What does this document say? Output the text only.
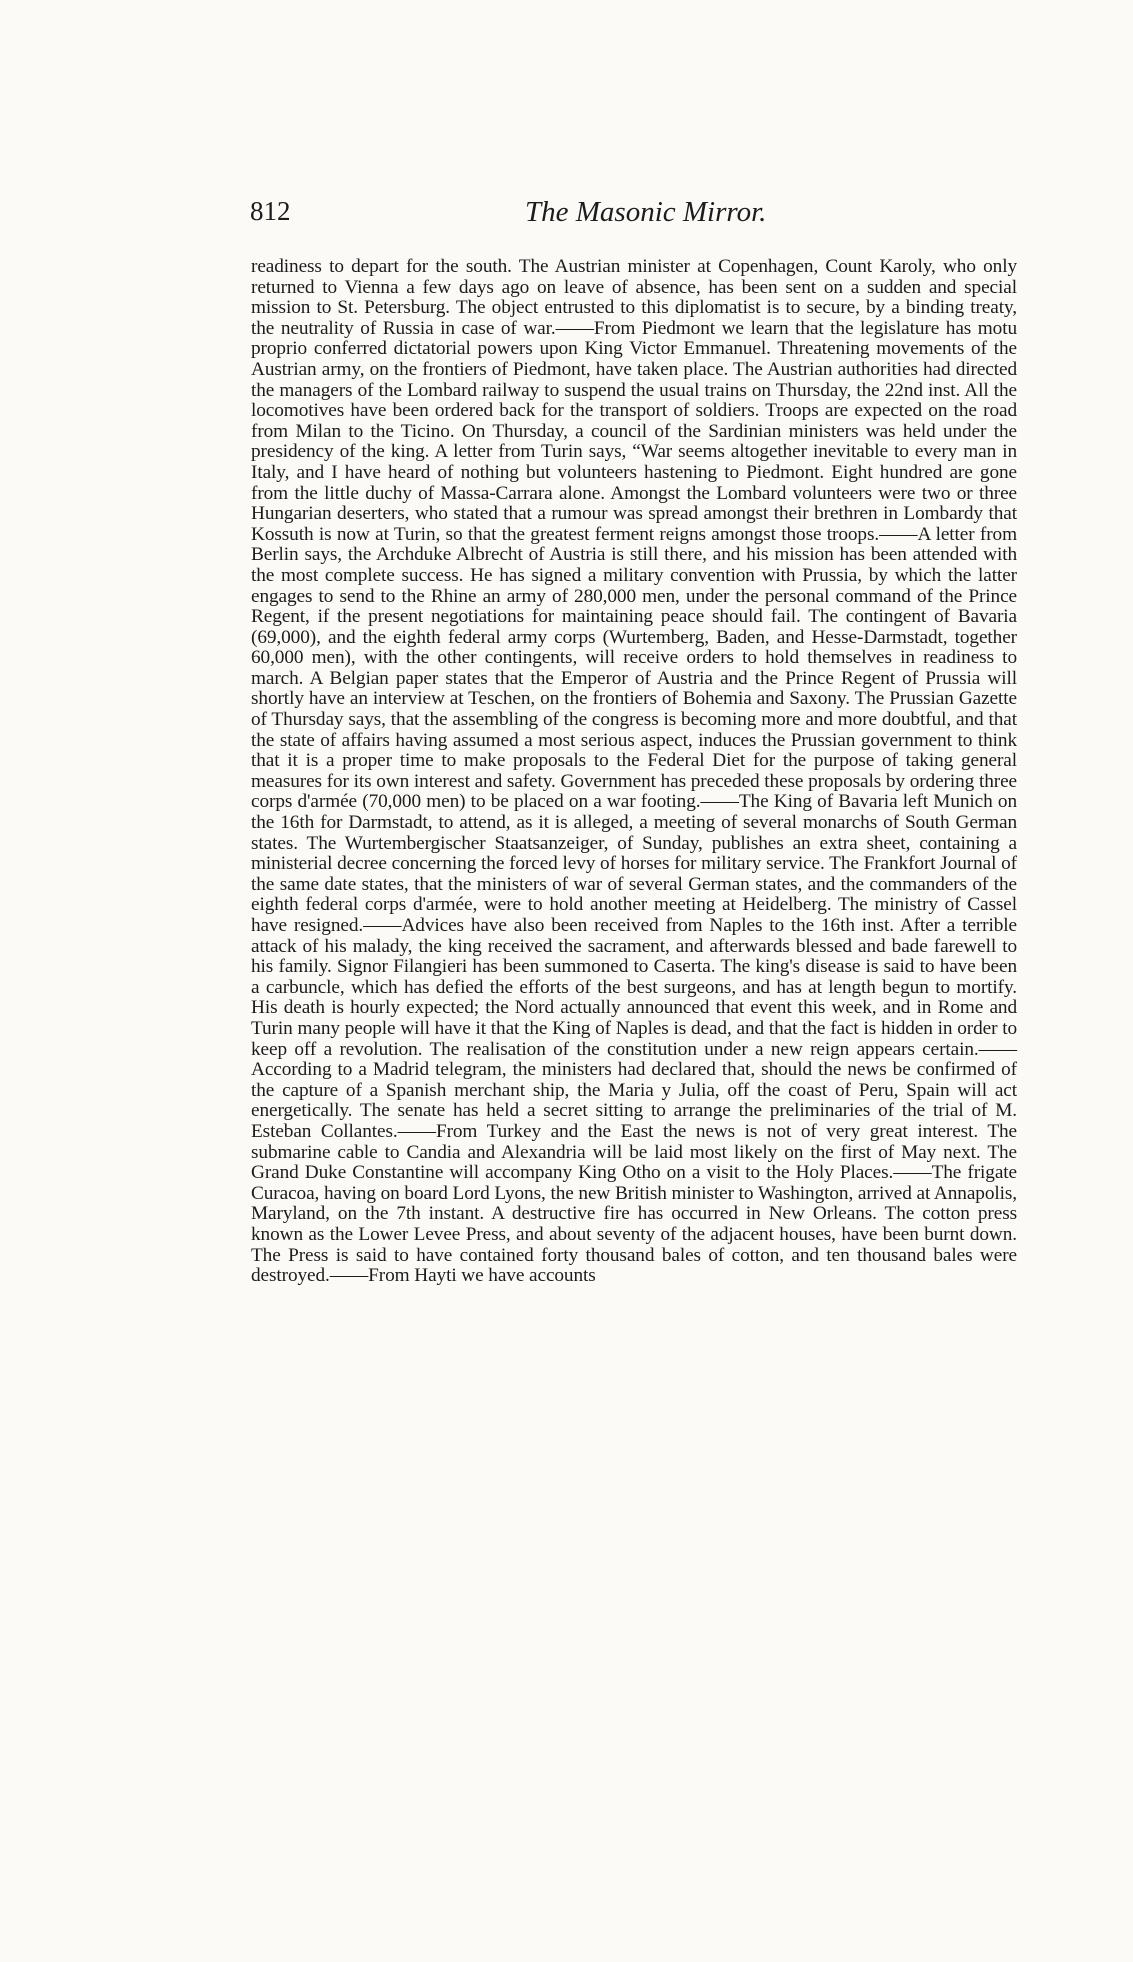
812	The Masonic Mirror.

readiness to depart for the south. The Austrian minister at Copenhagen, Count Karoly, who only returned to Vienna a few days ago on leave of absence, has been sent on a sudden and special mission to St. Petersburg. The object entrusted to this diplomatist is to secure, by a binding treaty, the neutrality of Russia in case of war.——From Piedmont we learn that the legislature has motu proprio conferred dictatorial powers upon King Victor Emmanuel. Threatening movements of the Austrian army, on the frontiers of Piedmont, have taken place. The Austrian authorities had directed the managers of the Lombard railway to suspend the usual trains on Thursday, the 22nd inst. All the locomotives have been ordered back for the transport of soldiers. Troops are expected on the road from Milan to the Ticino. On Thursday, a council of the Sardinian ministers was held under the presidency of the king. A letter from Turin says, “War seems altogether inevitable to every man in Italy, and I have heard of nothing but volunteers hastening to Piedmont. Eight hundred are gone from the little duchy of Massa-Carrara alone. Amongst the Lombard volunteers were two or three Hungarian deserters, who stated that a rumour was spread amongst their brethren in Lombardy that Kossuth is now at Turin, so that the greatest ferment reigns amongst those troops.——A letter from Berlin says, the Archduke Albrecht of Austria is still there, and his mission has been attended with the most complete success. He has signed a military convention with Prussia, by which the latter engages to send to the Rhine an army of 280,000 men, under the personal command of the Prince Regent, if the present negotiations for maintaining peace should fail. The contingent of Bavaria (69,000), and the eighth federal army corps (Wurtemberg, Baden, and Hesse-Darmstadt, together 60,000 men), with the other contingents, will receive orders to hold themselves in readiness to march. A Belgian paper states that the Emperor of Austria and the Prince Regent of Prussia will shortly have an interview at Teschen, on the frontiers of Bohemia and Saxony. The Prussian Gazette of Thursday says, that the assembling of the congress is becoming more and more doubtful, and that the state of affairs having assumed a most serious aspect, induces the Prussian government to think that it is a proper time to make proposals to the Federal Diet for the purpose of taking general measures for its own interest and safety. Government has preceded these proposals by ordering three corps d'armée (70,000 men) to be placed on a war footing.——The King of Bavaria left Munich on the 16th for Darmstadt, to attend, as it is alleged, a meeting of several monarchs of South German states. The Wurtembergischer Staatsanzeiger, of Sunday, publishes an extra sheet, containing a ministerial decree concerning the forced levy of horses for military service. The Frankfort Journal of the same date states, that the ministers of war of several German states, and the commanders of the eighth federal corps d'armée, were to hold another meeting at Heidelberg. The ministry of Cassel have resigned.——Advices have also been received from Naples to the 16th inst. After a terrible attack of his malady, the king received the sacrament, and afterwards blessed and bade farewell to his family. Signor Filangieri has been summoned to Caserta. The king's disease is said to have been a carbuncle, which has defied the efforts of the best surgeons, and has at length begun to mortify. His death is hourly expected; the Nord actually announced that event this week, and in Rome and Turin many people will have it that the King of Naples is dead, and that the fact is hidden in order to keep off a revolution. The realisation of the constitution under a new reign appears certain.——According to a Madrid telegram, the ministers had declared that, should the news be confirmed of the capture of a Spanish merchant ship, the Maria y Julia, off the coast of Peru, Spain will act energetically. The senate has held a secret sitting to arrange the preliminaries of the trial of M. Esteban Collantes.——From Turkey and the East the news is not of very great interest. The submarine cable to Candia and Alexandria will be laid most likely on the first of May next. The Grand Duke Constantine will accompany King Otho on a visit to the Holy Places.——The frigate Curacoa, having on board Lord Lyons, the new British minister to Washington, arrived at Annapolis, Maryland, on the 7th instant. A destructive fire has occurred in New Orleans. The cotton press known as the Lower Levee Press, and about seventy of the adjacent houses, have been burnt down. The Press is said to have contained forty thousand bales of cotton, and ten thousand bales were destroyed.——From Hayti we have accounts
